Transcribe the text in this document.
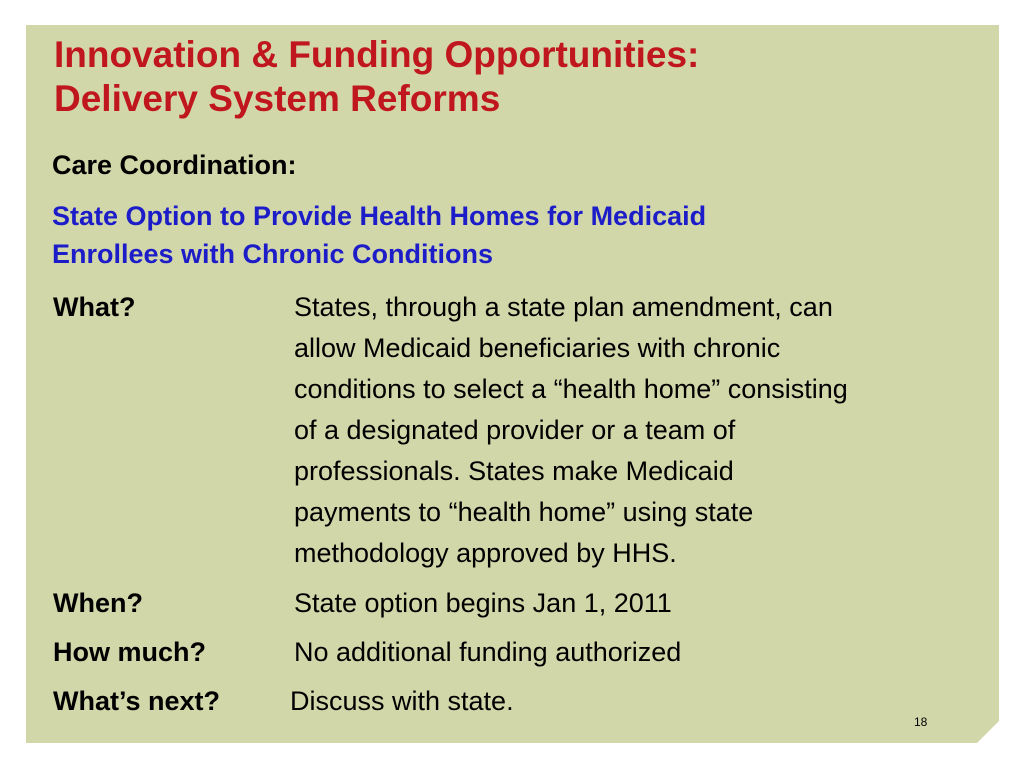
Innovation & Funding Opportunities:
Delivery System Reforms
Care Coordination:
State Option to Provide Health Homes for Medicaid
Enrollees with Chronic Conditions
What?	States, through a state plan amendment, can
allow Medicaid beneficiaries with chronic
conditions to select a “health home” consisting
of a designated provider or a team of
professionals. States make Medicaid
payments to “health home” using state
methodology approved by HHS.
When?	State option begins Jan 1, 2011
How much?	No additional funding authorized
What’s next?	Discuss with state.
18
